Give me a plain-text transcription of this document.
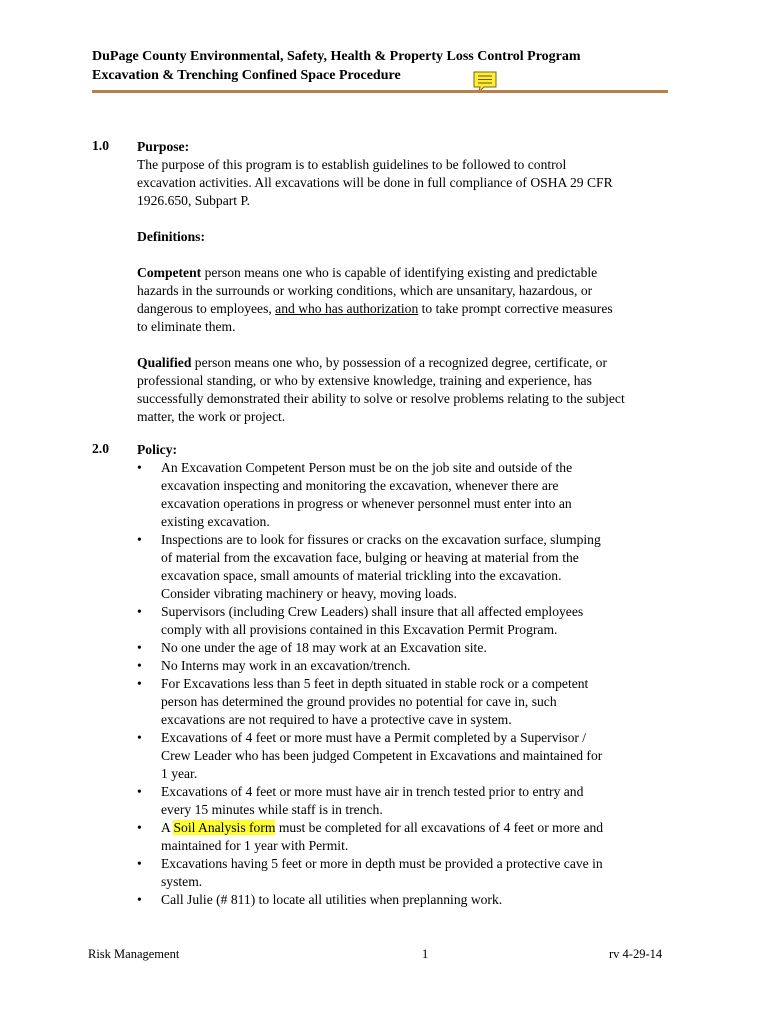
DuPage County Environmental, Safety, Health & Property Loss Control Program
Excavation & Trenching Confined Space Procedure
1.0 Purpose:

The purpose of this program is to establish guidelines to be followed to control

excavation activities. All excavations will be done in full compliance of OSHA 29 CFR

1926.650, Subpart P.

Definitions:

Competent person means one who is capable of identifying existing and predictable

hazards in the surrounds or working conditions, which are unsanitary, hazardous, or

dangerous to employees, and who has authorization to take prompt corrective measures

to eliminate them.

Qualified person means one who, by possession of a recognized degree, certificate, or

professional standing, or who by extensive knowledge, training and experience, has

successfully demonstrated their ability to solve or resolve problems relating to the subject

matter, the work or project.

2.0 Policy:

• An Excavation Competent Person must be on the job site and outside of the
excavation inspecting and monitoring the excavation, whenever there are
excavation operations in progress or whenever personnel must enter into an
existing excavation.
• Inspections are to look for fissures or cracks on the excavation surface, slumping
of material from the excavation face, bulging or heaving at material from the
excavation space, small amounts of material trickling into the excavation.
Consider vibrating machinery or heavy, moving loads.
• Supervisors (including Crew Leaders) shall insure that all affected employees
comply with all provisions contained in this Excavation Permit Program.
• No one under the age of 18 may work at an Excavation site.
• No Interns may work in an excavation/trench.
• For Excavations less than 5 feet in depth situated in stable rock or a competent
person has determined the ground provides no potential for cave in, such
excavations are not required to have a protective cave in system.
• Excavations of 4 feet or more must have a Permit completed by a Supervisor /
Crew Leader who has been judged Competent in Excavations and maintained for
1 year.
• Excavations of 4 feet or more must have air in trench tested prior to entry and
every 15 minutes while staff is in trench.
• A Soil Analysis form must be completed for all excavations of 4 feet or more and
maintained for 1 year with Permit.
• Excavations having 5 feet or more in depth must be provided a protective cave in
system.
• Call Julie (# 811) to locate all utilities when preplanning work.
Risk Management	1	rv 4-29-14
